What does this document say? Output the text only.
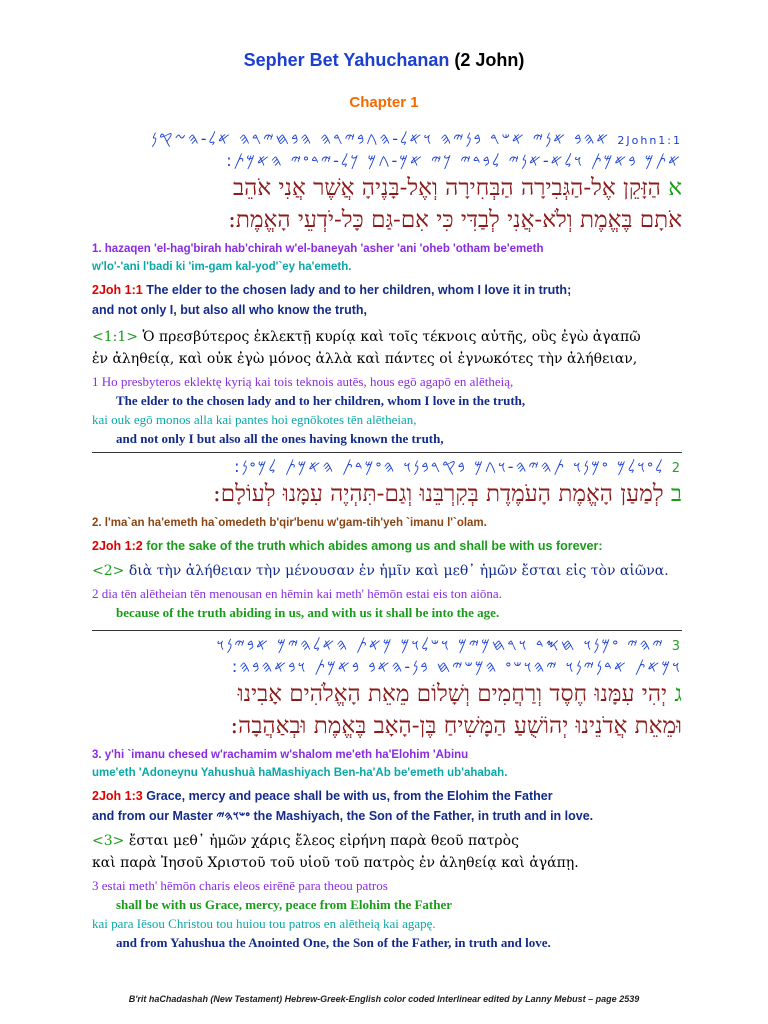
Sepher Bet Yahuchanan (2 John)
Chapter 1
2John1:1 𐤀𐤄𐤁 𐤀𐤍𐤉 𐤀𐤔𐤓 𐤁𐤍𐤉𐤄 𐤅𐤀𐤋-𐤄𐤂𐤁𐤉𐤓𐤄 𐤄𐤁𐤇𐤉𐤓𐤄 𐤀𐤋-𐤄𐤆𐤒𐤍
𐤀𐤕𐤌 𐤁𐤀𐤌𐤕 𐤅𐤋𐤀-𐤀𐤍𐤉 𐤋𐤁𐤃𐤉 𐤊𐤉 𐤀𐤌-𐤂𐤌 𐤊𐤋-𐤉𐤃𐤏𐤉 𐤄𐤀𐤌𐤕:
א הַזָּקֵן אֶל-הַגְּבִירָה הַבְּחִירָה וְאֶל-בָּנֶיהָ אֲשֶׁר אֲנִי אֹהֵב
אֹתָם בֶּאֱמֶת וְלֹא-אֲנִי לְבַדִּי כִּי אִם-גַּם כָּל-יֹדְעֵי הָאֱמֶת:
1. hazaqen 'el-hag'birah hab'chirah w'el-baneyah 'asher 'ani 'oheb 'otham be'emeth
w'lo'-'ani l'badi ki 'im-gam kal-yod'`ey ha'emeth.
2Joh 1:1 The elder to the chosen lady and to her children, whom I love it in truth;
and not only I, but also all who know the truth,
<1:1> Ὁ πρεσβύτερος ἐκλεκτῇ κυρίᾳ καὶ τοῖς τέκνοις αὐτῆς, οὓς ἐγὼ ἀγαπῶ
ἐν ἀληθείᾳ, καὶ οὐκ ἐγὼ μόνος ἀλλὰ καὶ πάντες οἱ ἐγνωκότες τὴν ἀλήθειαν,
1 Ho presbyteros eklektę kyrią kai tois teknois autēs, hous egō agapō en alētheią,
The elder to the chosen lady and to her children, whom I love in the truth,
kai ouk egō monos alla kai pantes hoi egnōkotes tēn alētheian,
and not only I but also all the ones having known the truth,
2 𐤋𐤏𐤅𐤋𐤌 𐤏𐤌𐤍𐤅 𐤕𐤄𐤉𐤄-𐤅𐤂𐤌 𐤁𐤒𐤓𐤁𐤍𐤅 𐤄𐤏𐤌𐤃𐤕 𐤄𐤀𐤌𐤕 𐤋𐤌𐤏𐤍:
ב לְמַעַן הָאֱמֶת הָעֹמֶדֶת בְּקִרְבֵּנוּ וְגַם-תִּהְיֶה עִמָּנוּ לְעוֹלָם:
2. l'ma`an ha'emeth ha`omedeth b'qir'benu w'gam-tih'yeh `imanu l'`olam.
2Joh 1:2 for the sake of the truth which abides among us and shall be with us forever:
<2> διὰ τὴν ἀλήθειαν τὴν μένουσαν ἐν ἡμῖν καὶ μεθ᾽ ἡμῶν ἔσται εἰς τὸν αἰῶνα.
2 dia tēn alētheian tēn menousan en hēmin kai meth' hēmōn estai eis ton aiōna.
because of the truth abiding in us, and with us it shall be into the age.
3 𐤉𐤄𐤉 𐤏𐤌𐤍𐤅 𐤇𐤎𐤃 𐤅𐤓𐤇𐤌𐤉𐤌 𐤅𐤔𐤋𐤅𐤌 𐤌𐤀𐤕 𐤄𐤀𐤋𐤄𐤉𐤌 𐤀𐤁𐤉𐤍𐤅
𐤅𐤌𐤀𐤕 𐤀𐤃𐤍𐤉𐤍𐤅 𐤉𐤄𐤅𐤔𐤏 𐤄𐤌𐤔𐤉𐤇 𐤁𐤍-𐤄𐤀𐤁 𐤁𐤀𐤌𐤕 𐤅𐤁𐤀𐤄𐤁𐤄:
ג יְהִי עִמָּנוּ חֶסֶד וְרַחֲמִים וְשָׁלוֹם מֵאֵת הָאֱלֹהִים אָבִינוּ
וּמֵאֵת אֲדֹנֵינוּ יְהוֹשֻׁעַ הַמָּשִׁיחַ בֶּן-הָאָב בֶּאֱמֶת וּבְאַהֲבָה:
3. y'hi `imanu chesed w'rachamim w'shalom me'eth ha'Elohim 'Abinu
ume'eth 'Adoneynu Yahushuà haMashiyach Ben-ha'Ab be'emeth ub'ahabah.
2Joh 1:3 Grace, mercy and peace shall be with us, from the Elohim the Father
and from our Master 𐤏𐤔𐤅𐤄𐤉 the Mashiyach, the Son of the Father, in truth and in love.
<3> ἔσται μεθ᾽ ἡμῶν χάρις ἔλεος εἰρήνη παρὰ θεοῦ πατρὸς
καὶ παρὰ Ἰησοῦ Χριστοῦ τοῦ υἱοῦ τοῦ πατρὸς ἐν ἀληθείᾳ καὶ ἀγάπῃ.
3 estai meth' hēmōn charis eleos eirēnē para theou patros
shall be with us Grace, mercy, peace from Elohim the Father
kai para Iēsou Christou tou huiou tou patros en alētheią kai agapę.
and from Yahushua the Anointed One, the Son of the Father, in truth and love.
B'rit haChadashah (New Testament) Hebrew-Greek-English color coded Interlinear edited by Lanny Mebust – page 2539
